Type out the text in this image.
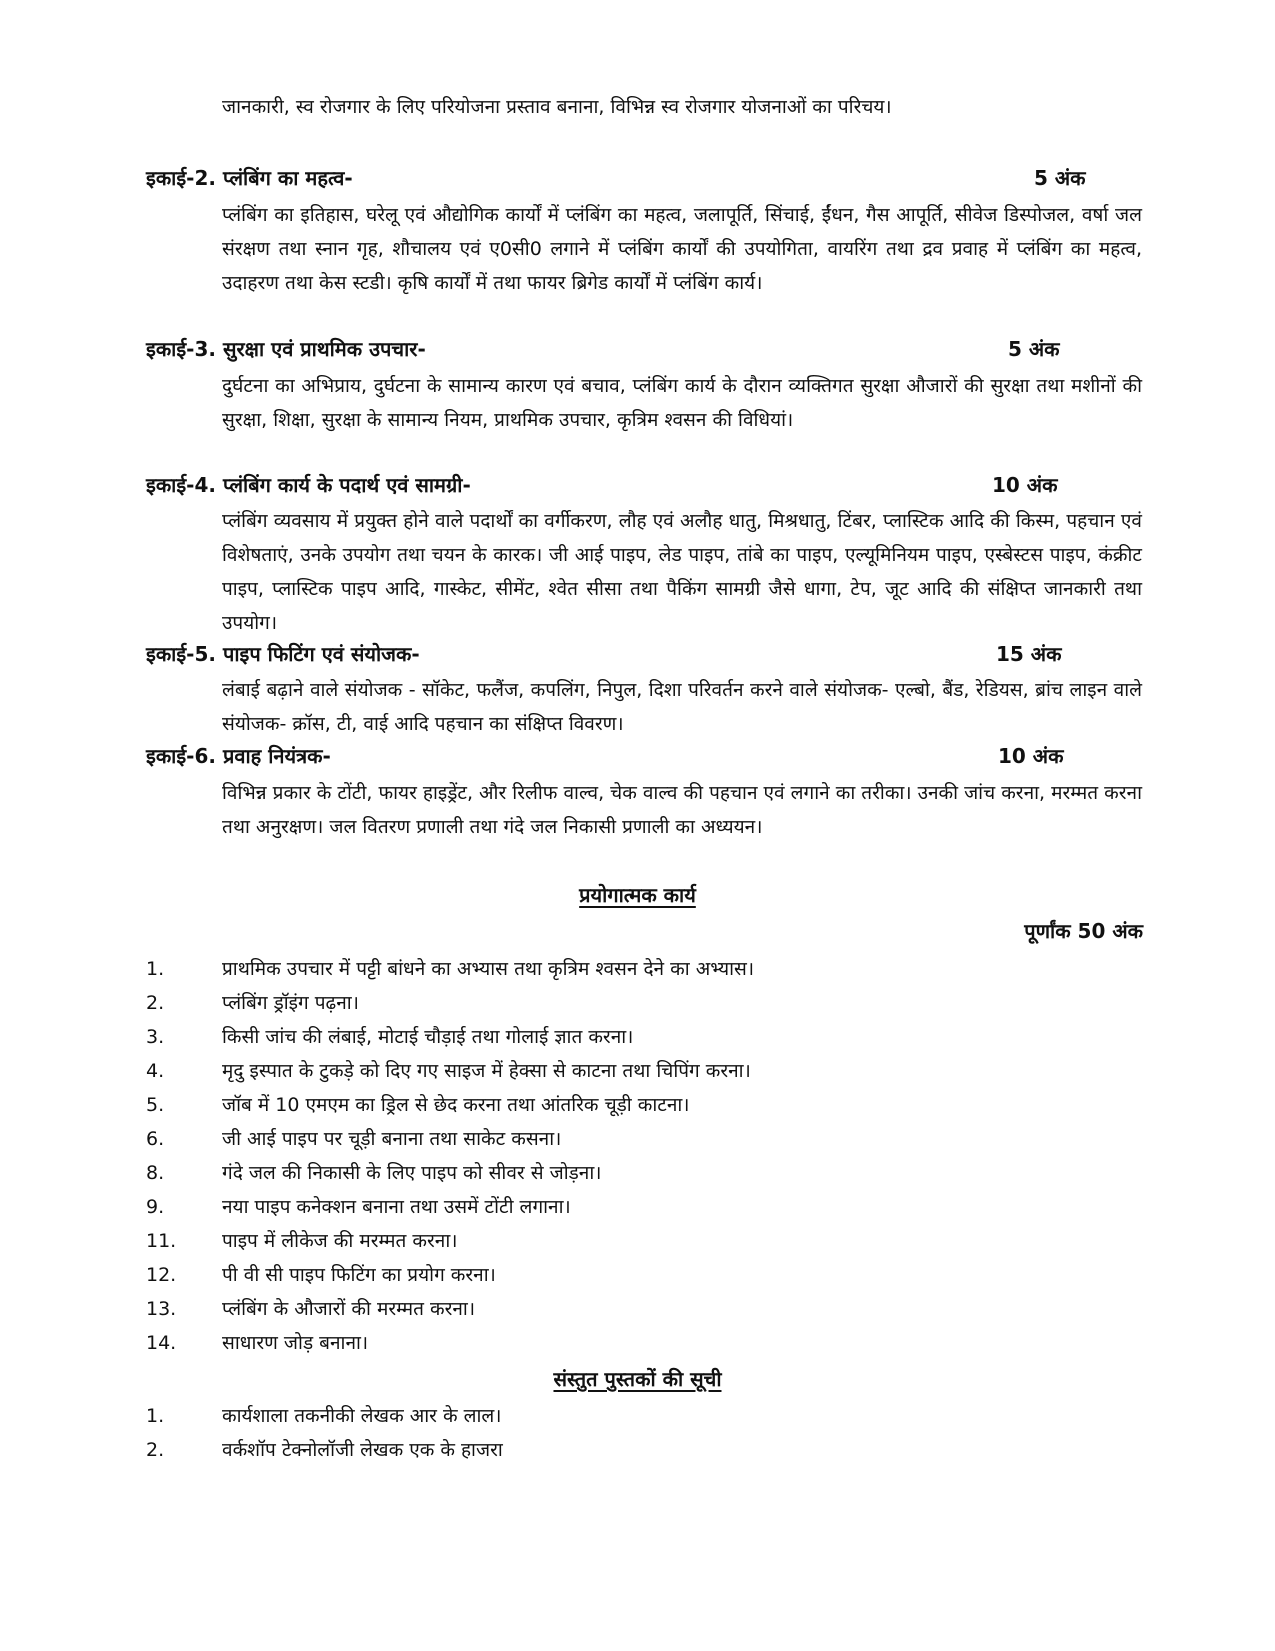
जानकारी, स्व रोजगार के लिए परियोजना प्रस्ताव बनाना, विभिन्न स्व रोजगार योजनाओं का परिचय।
इकाई-2. प्लंबिंग का महत्व-	5 अंक
प्लंबिंग का इतिहास, घरेलू एवं औद्योगिक कार्यों में प्लंबिंग का महत्व, जलापूर्ति, सिंचाई, ईंधन, गैस आपूर्ति, सीवेज डिस्पोजल, वर्षा जल संरक्षण तथा स्नान गृह, शौचालय एवं ए0सी0 लगाने में प्लंबिंग कार्यों की उपयोगिता, वायरिंग तथा द्रव प्रवाह में प्लंबिंग का महत्व, उदाहरण तथा केस स्टडी। कृषि कार्यों में तथा फायर ब्रिगेड कार्यों में प्लंबिंग कार्य।
इकाई-3. सुरक्षा एवं प्राथमिक उपचार-	5 अंक
दुर्घटना का अभिप्राय, दुर्घटना के सामान्य कारण एवं बचाव, प्लंबिंग कार्य के दौरान व्यक्तिगत सुरक्षा औजारों की सुरक्षा तथा मशीनों की सुरक्षा, शिक्षा, सुरक्षा के सामान्य नियम, प्राथमिक उपचार, कृत्रिम श्वसन की विधियां।
इकाई-4. प्लंबिंग कार्य के पदार्थ एवं सामग्री-	10 अंक
प्लंबिंग व्यवसाय में प्रयुक्त होने वाले पदार्थों का वर्गीकरण, लौह एवं अलौह धातु, मिश्रधातु, टिंबर, प्लास्टिक आदि की किस्म, पहचान एवं विशेषताएं, उनके उपयोग तथा चयन के कारक। जी आई पाइप, लेड पाइप, तांबे का पाइप, एल्यूमिनियम पाइप, एस्बेस्टस पाइप, कंक्रीट पाइप, प्लास्टिक पाइप आदि, गास्केट, सीमेंट, श्वेत सीसा तथा पैकिंग सामग्री जैसे धागा, टेप, जूट आदि की संक्षिप्त जानकारी तथा उपयोग।
इकाई-5. पाइप फिटिंग एवं संयोजक-	15 अंक
लंबाई बढ़ाने वाले संयोजक - सॉकेट, फलैंज, कपलिंग, निपुल, दिशा परिवर्तन करने वाले संयोजक- एल्बो, बैंड, रेडियस, ब्रांच लाइन वाले संयोजक- क्रॉस, टी, वाई आदि पहचान का संक्षिप्त विवरण।
इकाई-6. प्रवाह नियंत्रक-	10 अंक
विभिन्न प्रकार के टोंटी, फायर हाइड्रेंट, और रिलीफ वाल्व, चेक वाल्व की पहचान एवं लगाने का तरीका। उनकी जांच करना, मरम्मत करना तथा अनुरक्षण। जल वितरण प्रणाली तथा गंदे जल निकासी प्रणाली का अध्ययन।
प्रयोगात्मक कार्य
पूर्णांक 50 अंक
1.	प्राथमिक उपचार में पट्टी बांधने का अभ्यास तथा कृत्रिम श्वसन देने का अभ्यास।
2.	प्लंबिंग ड्रॉइंग पढ़ना।
3.	किसी जांच की लंबाई, मोटाई चौड़ाई तथा गोलाई ज्ञात करना।
4.	मृदु इस्पात के टुकड़े को दिए गए साइज में हेक्सा से काटना तथा चिपिंग करना।
5.	जॉब में 10 एमएम का ड्रिल से छेद करना तथा आंतरिक चूड़ी काटना।
6.	जी आई पाइप पर चूड़ी बनाना तथा साकेट कसना।
8.	गंदे जल की निकासी के लिए पाइप को सीवर से जोड़ना।
9.	नया पाइप कनेक्शन बनाना तथा उसमें टोंटी लगाना।
11. पाइप में लीकेज की मरम्मत करना।
12. पी वी सी पाइप फिटिंग का प्रयोग करना।
13. प्लंबिंग के औजारों की मरम्मत करना।
14. साधारण जोड़ बनाना।
संस्तुत पुस्तकों की सूची
1.	कार्यशाला तकनीकी लेखक आर के लाल।
2.	वर्कशॉप टेक्नोलॉजी लेखक एक के हाजरा
